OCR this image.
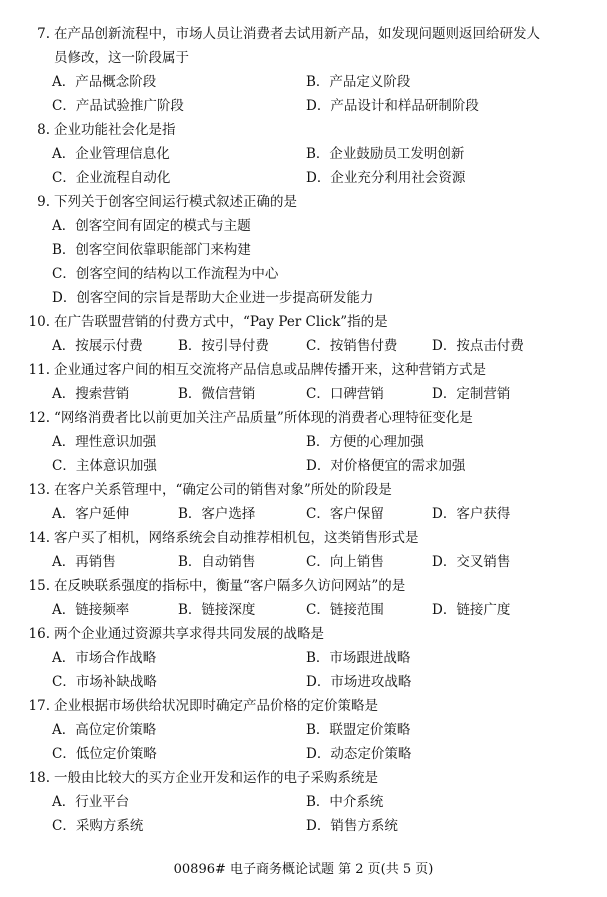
7. 在产品创新流程中，市场人员让消费者去试用新产品，如发现问题则返回给研发人
员修改，这一阶段属于
A．产品概念阶段	B．产品定义阶段
C．产品试验推广阶段	D．产品设计和样品研制阶段
8. 企业功能社会化是指
A．企业管理信息化	B．企业鼓励员工发明创新
C．企业流程自动化	D．企业充分利用社会资源
9. 下列关于创客空间运行模式叙述正确的是
A．创客空间有固定的模式与主题
B．创客空间依靠职能部门来构建
C．创客空间的结构以工作流程为中心
D．创客空间的宗旨是帮助大企业进一步提高研发能力
10. 在广告联盟营销的付费方式中，“Pay Per Click”指的是
A．按展示付费	B．按引导付费	C．按销售付费	D．按点击付费
11. 企业通过客户间的相互交流将产品信息或品牌传播开来，这种营销方式是
A．搜索营销	B．微信营销	C．口碑营销	D．定制营销
12. “网络消费者比以前更加关注产品质量”所体现的消费者心理特征变化是
A．理性意识加强	B．方便的心理加强
C．主体意识加强	D．对价格便宜的需求加强
13. 在客户关系管理中，“确定公司的销售对象”所处的阶段是
A．客户延伸	B．客户选择	C．客户保留	D．客户获得
14. 客户买了相机，网络系统会自动推荐相机包，这类销售形式是
A．再销售	B．自动销售	C．向上销售	D．交叉销售
15. 在反映联系强度的指标中，衡量“客户隔多久访问网站”的是
A．链接频率	B．链接深度	C．链接范围	D．链接广度
16. 两个企业通过资源共享求得共同发展的战略是
A．市场合作战略	B．市场跟进战略
C．市场补缺战略	D．市场进攻战略
17. 企业根据市场供给状况即时确定产品价格的定价策略是
A．高位定价策略	B．联盟定价策略
C．低位定价策略	D．动态定价策略
18. 一般由比较大的买方企业开发和运作的电子采购系统是
A．行业平台	B．中介系统
C．采购方系统	D．销售方系统
00896# 电子商务概论试题 第 2 页(共 5 页)
